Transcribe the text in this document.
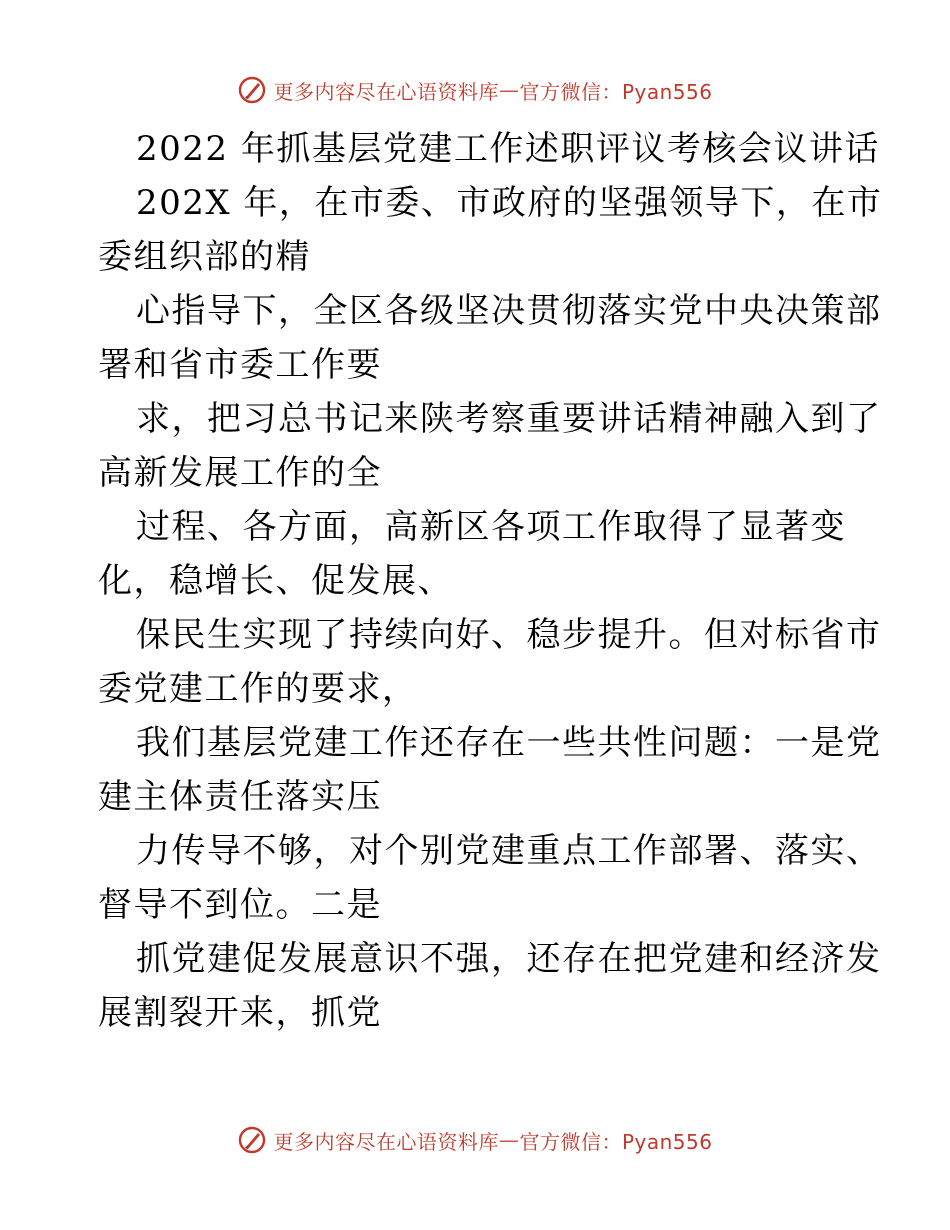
更多内容尽在心语资料库 — 官方微信：Pyan556
2022 年抓基层党建工作述职评议考核会议讲话
202X 年，在市委、市政府的坚强领导下，在市
委组织部的精
心指导下，全区各级坚决贯彻落实党中央决策部
署和省市委工作要
求，把习总书记来陕考察重要讲话精神融入到了
高新发展工作的全
过程、各方面，高新区各项工作取得了显著变
化，稳增长、促发展、
保民生实现了持续向好、稳步提升。但对标省市
委党建工作的要求，
我们基层党建工作还存在一些共性问题：一是党
建主体责任落实压
力传导不够，对个别党建重点工作部署、落实、
督导不到位。二是
抓党建促发展意识不强，还存在把党建和经济发
展割裂开来，抓党
更多内容尽在心语资料库 — 官方微信：Pyan556
